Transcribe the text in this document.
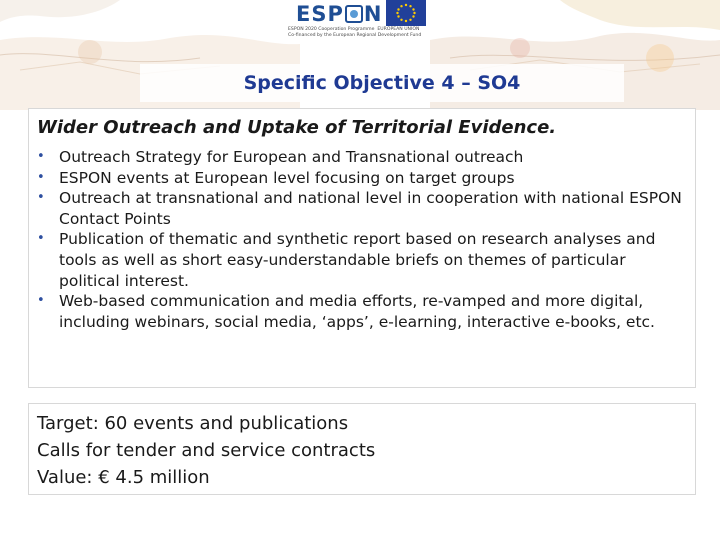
ESP N
ESPON 2020 Cooperation Programme EUROPEAN UNION
Co-financed by the European Regional Development Fund
Specific Objective 4 – SO4
Wider Outreach and Uptake of Territorial Evidence.
• Outreach Strategy for European and Transnational outreach
• ESPON events at European level focusing on target groups
• Outreach at transnational and national level in cooperation with national ESPON Contact Points
• Publication of thematic and synthetic report based on research analyses and tools as well as short easy-understandable briefs on themes of particular political interest.
• Web-based communication and media efforts, re-vamped and more digital, including webinars, social media, ‘apps’, e-learning, interactive e-books, etc.
Target: 60 events and publications
Calls for tender and service contracts
Value: € 4.5 million
